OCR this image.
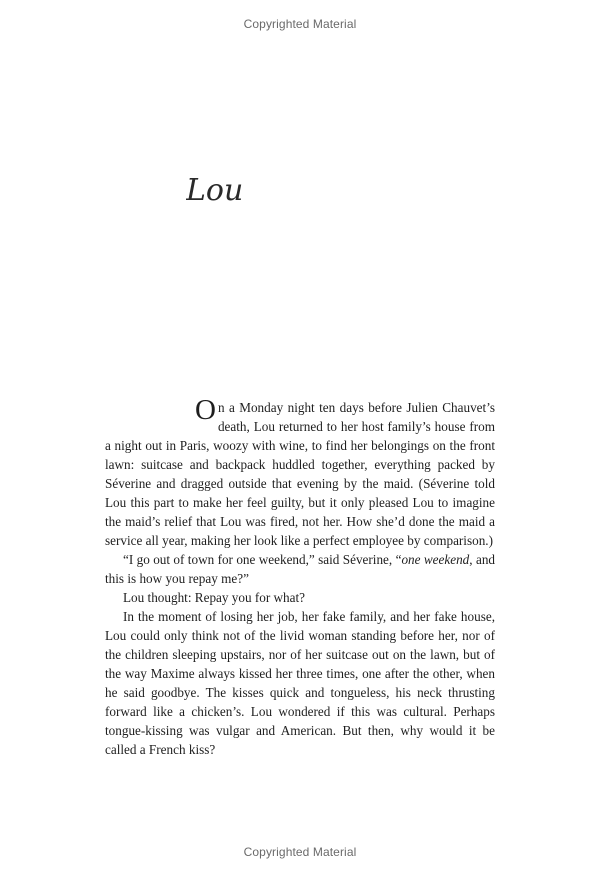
Copyrighted Material
Lou

On a Monday night ten days before Julien Chauvet’s death, Lou returned to her host family’s house from a night out in Paris, woozy with wine, to find her belongings on the front lawn: suitcase and backpack huddled together, everything packed by Séverine and dragged outside that evening by the maid. (Séverine told Lou this part to make her feel guilty, but it only pleased Lou to imagine the maid’s relief that Lou was fired, not her. How she’d done the maid a service all year, making her look like a perfect employee by comparison.)

“I go out of town for one weekend,” said Séverine, “one weekend, and this is how you repay me?”

Lou thought: Repay you for what?

In the moment of losing her job, her fake family, and her fake house, Lou could only think not of the livid woman standing before her, nor of the children sleeping upstairs, nor of her suitcase out on the lawn, but of the way Maxime always kissed her three times, one after the other, when he said goodbye. The kisses quick and tongueless, his neck thrusting forward like a chicken’s. Lou wondered if this was cultural. Perhaps tongue-kissing was vulgar and American. But then, why would it be called a French kiss?

Copyrighted Material
